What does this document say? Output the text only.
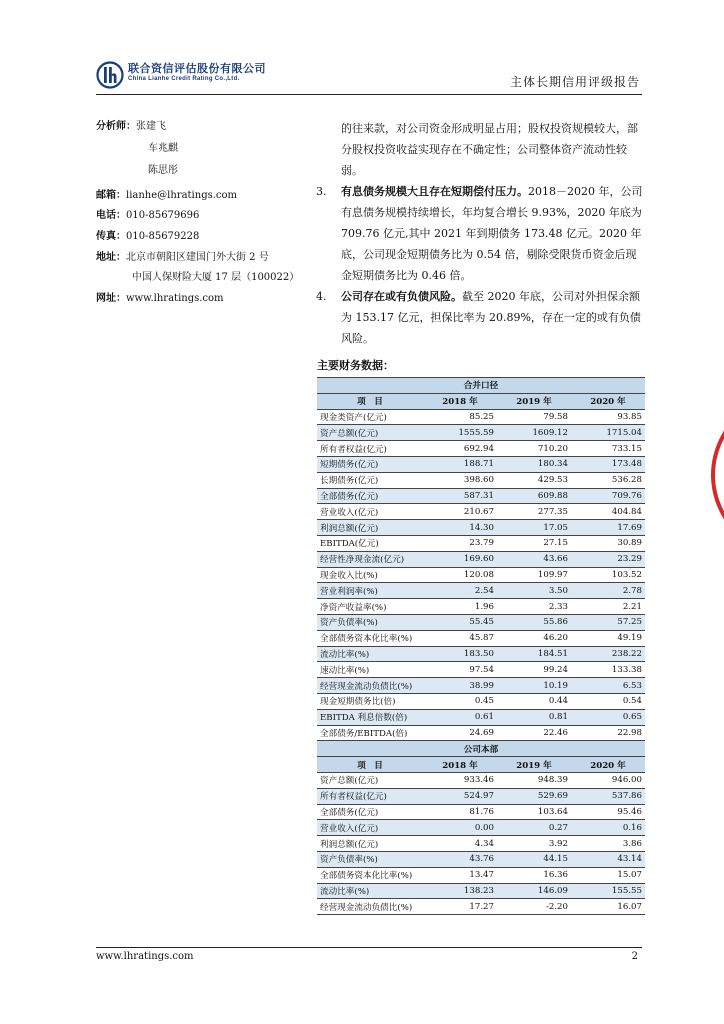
联合资信评估股份有限公司
China Lianhe Credit Rating Co.,Ltd.	主体长期信用评级报告
分析师：张建飞
车兆麒
陈思彤
邮箱：lianhe@lhratings.com
电话：010-85679696
传真：010-85679228
地址：北京市朝阳区建国门外大街 2 号
中国人保财险大厦 17 层（100022）
网址：www.lhratings.com

的往来款，对公司资金形成明显占用；股权投资规模较大，部分股权投资收益实现存在不确定性；公司整体资产流动性较弱。

3. 有息债务规模大且存在短期偿付压力。2018－2020 年，公司有息债务规模持续增长，年均复合增长 9.93%，2020 年底为 709.76 亿元,其中 2021 年到期债务 173.48 亿元。2020 年底，公司现金短期债务比为 0.54 倍，剔除受限货币资金后现金短期债务比为 0.46 倍。
4. 公司存在或有负债风险。截至 2020 年底，公司对外担保余额为 153.17 亿元，担保比率为 20.89%，存在一定的或有负债风险。
主要财务数据：
合并口径			
项　目	2018 年	2019 年	2020 年
现金类资产(亿元)	85.25	79.58	93.85
资产总额(亿元)	1555.59	1609.12	1715.04
所有者权益(亿元)	692.94	710.20	733.15
短期债务(亿元)	188.71	180.34	173.48
长期债务(亿元)	398.60	429.53	536.28
全部债务(亿元)	587.31	609.88	709.76
营业收入(亿元)	210.67	277.35	404.84
利润总额(亿元)	14.30	17.05	17.69
EBITDA(亿元)	23.79	27.15	30.89
经营性净现金流(亿元)	169.60	43.66	23.29
现金收入比(%)	120.08	109.97	103.52
营业利润率(%)	2.54	3.50	2.78
净资产收益率(%)	1.96	2.33	2.21
资产负债率(%)	55.45	55.86	57.25
全部债务资本化比率(%)	45.87	46.20	49.19
流动比率(%)	183.50	184.51	238.22
速动比率(%)	97.54	99.24	133.38
经营现金流动负债比(%)	38.99	10.19	6.53
现金短期债务比(倍)	0.45	0.44	0.54
EBITDA 利息倍数(倍)	0.61	0.81	0.65
全部债务/EBITDA(倍)	24.69	22.46	22.98
公司本部			
项　目	2018 年	2019 年	2020 年
资产总额(亿元)	933.46	948.39	946.00
所有者权益(亿元)	524.97	529.69	537.86
全部债务(亿元)	81.76	103.64	95.46
营业收入(亿元)	0.00	0.27	0.16
利润总额(亿元)	4.34	3.92	3.86
资产负债率(%)	43.76	44.15	43.14
全部债务资本化比率(%)	13.47	16.36	15.07
流动比率(%)	138.23	146.09	155.55
经营现金流动负债比(%)	17.27	-2.20	16.07
www.lhratings.com	2
